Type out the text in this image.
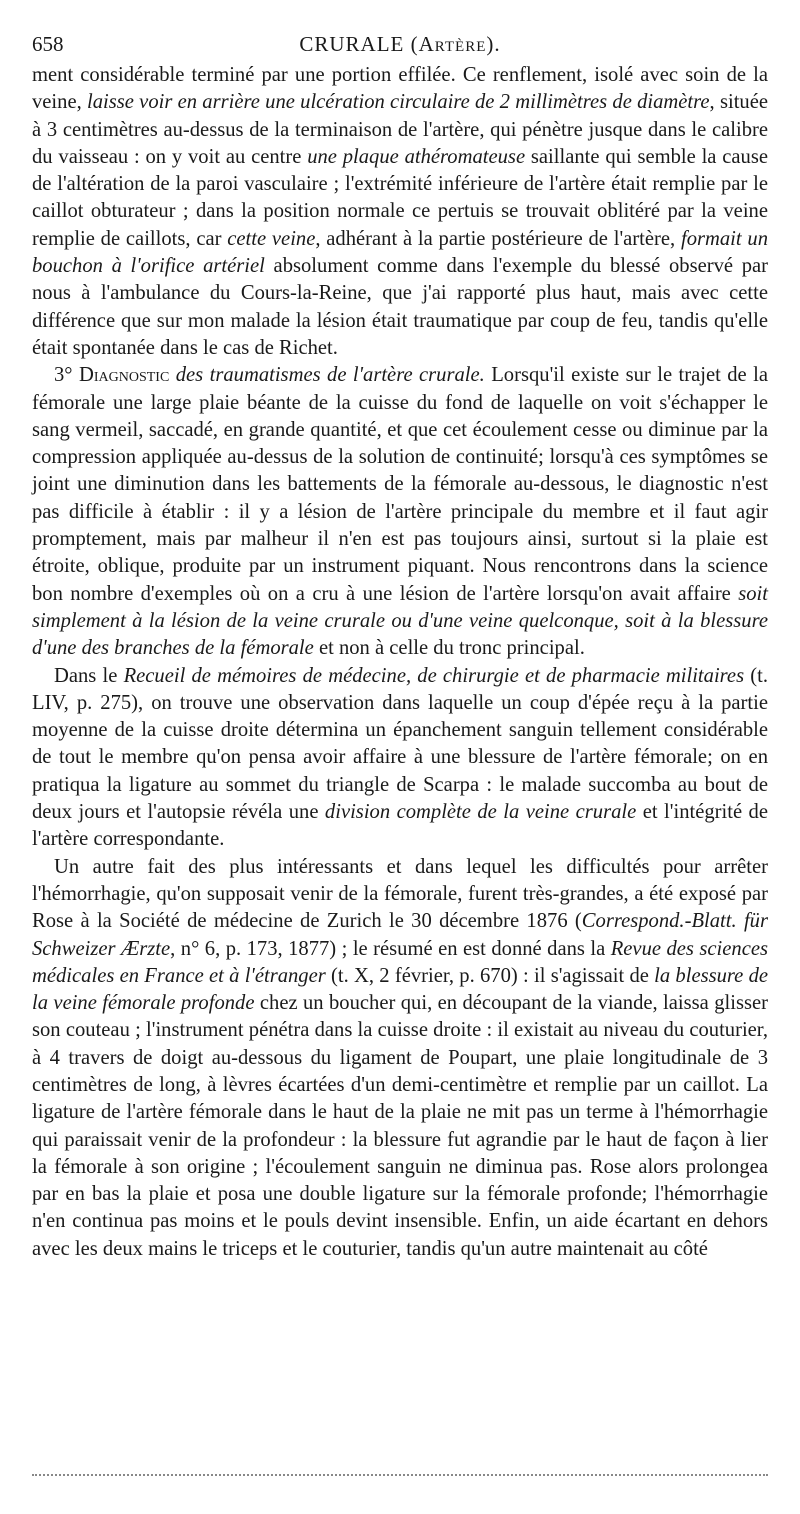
658	CRURALE (Artère).

ment considérable terminé par une portion effilée. Ce renflement, isolé avec soin de la veine, laisse voir en arrière une ulcération circulaire de 2 millimètres de diamètre, située à 3 centimètres au-dessus de la terminaison de l'artère, qui pénètre jusque dans le calibre du vaisseau : on y voit au centre une plaque athéromateuse saillante qui semble la cause de l'altération de la paroi vasculaire ; l'extrémité inférieure de l'artère était remplie par le caillot obturateur ; dans la position normale ce pertuis se trouvait oblitéré par la veine remplie de caillots, car cette veine, adhérant à la partie postérieure de l'artère, formait un bouchon à l'orifice artériel absolument comme dans l'exemple du blessé observé par nous à l'ambulance du Cours-la-Reine, que j'ai rapporté plus haut, mais avec cette différence que sur mon malade la lésion était traumatique par coup de feu, tandis qu'elle était spontanée dans le cas de Richet.

3° Diagnostic des traumatismes de l'artère crurale. Lorsqu'il existe sur le trajet de la fémorale une large plaie béante de la cuisse du fond de laquelle on voit s'échapper le sang vermeil, saccadé, en grande quantité, et que cet écoulement cesse ou diminue par la compression appliquée au-dessus de la solution de continuité; lorsqu'à ces symptômes se joint une diminution dans les battements de la fémorale au-dessous, le diagnostic n'est pas difficile à établir : il y a lésion de l'artère principale du membre et il faut agir promptement, mais par malheur il n'en est pas toujours ainsi, surtout si la plaie est étroite, oblique, produite par un instrument piquant. Nous rencontrons dans la science bon nombre d'exemples où on a cru à une lésion de l'artère lorsqu'on avait affaire soit simplement à la lésion de la veine crurale ou d'une veine quelconque, soit à la blessure d'une des branches de la fémorale et non à celle du tronc principal.

Dans le Recueil de mémoires de médecine, de chirurgie et de pharmacie militaires (t. LIV, p. 275), on trouve une observation dans laquelle un coup d'épée reçu à la partie moyenne de la cuisse droite détermina un épanchement sanguin tellement considérable de tout le membre qu'on pensa avoir affaire à une blessure de l'artère fémorale; on en pratiqua la ligature au sommet du triangle de Scarpa : le malade succomba au bout de deux jours et l'autopsie révéla une division complète de la veine crurale et l'intégrité de l'artère correspondante.

Un autre fait des plus intéressants et dans lequel les difficultés pour arrêter l'hémorrhagie, qu'on supposait venir de la fémorale, furent très-grandes, a été exposé par Rose à la Société de médecine de Zurich le 30 décembre 1876 (Correspond.-Blatt. für Schweizer Ærzte, n° 6, p. 173, 1877) ; le résumé en est donné dans la Revue des sciences médicales en France et à l'étranger (t. X, 2 février, p. 670) : il s'agissait de la blessure de la veine fémorale profonde chez un boucher qui, en découpant de la viande, laissa glisser son couteau ; l'instrument pénétra dans la cuisse droite : il existait au niveau du couturier, à 4 travers de doigt au-dessous du ligament de Poupart, une plaie longitudinale de 3 centimètres de long, à lèvres écartées d'un demi-centimètre et remplie par un caillot. La ligature de l'artère fémorale dans le haut de la plaie ne mit pas un terme à l'hémorrhagie qui paraissait venir de la profondeur : la blessure fut agrandie par le haut de façon à lier la fémorale à son origine ; l'écoulement sanguin ne diminua pas. Rose alors prolongea par en bas la plaie et posa une double ligature sur la fémorale profonde; l'hémorrhagie n'en continua pas moins et le pouls devint insensible. Enfin, un aide écartant en dehors avec les deux mains le triceps et le couturier, tandis qu'un autre maintenait au côté
